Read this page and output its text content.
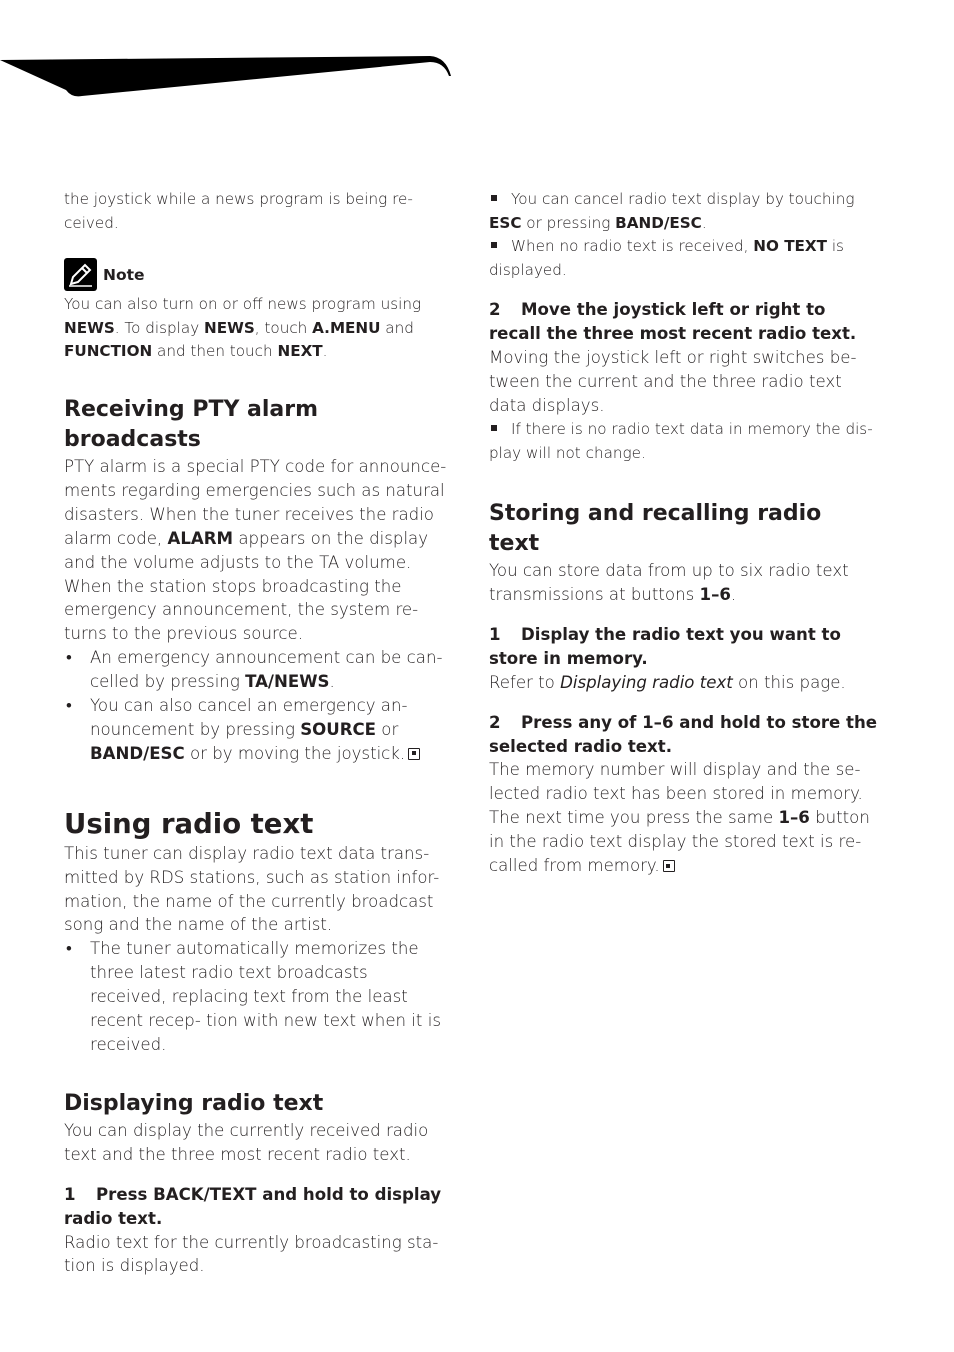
the joystick while a news program is being re- ceived.

Note

You can also turn on or off news program using NEWS. To display NEWS, touch A.MENU and FUNCTION and then touch NEXT.

Receiving PTY alarm broadcasts

PTY alarm is a special PTY code for announce- ments regarding emergencies such as natural disasters. When the tuner receives the radio alarm code, ALARM appears on the display and the volume adjusts to the TA volume. When the station stops broadcasting the emergency announcement, the system re- turns to the previous source.

• An emergency announcement can be can- celled by pressing TA/NEWS.
• You can also cancel an emergency an- nouncement by pressing SOURCE or BAND/ESC or by moving the joystick.
Using radio text

This tuner can display radio text data trans- mitted by RDS stations, such as station infor- mation, the name of the currently broadcast song and the name of the artist.

• The tuner automatically memorizes the three latest radio text broadcasts received, replacing text from the least recent recep- tion with new text when it is received.
Displaying radio text

You can display the currently received radio text and the three most recent radio text.

1 Press BACK/TEXT and hold to display radio text.

Radio text for the currently broadcasting sta- tion is displayed.

You can cancel radio text display by touching ESC or pressing BAND/ESC.

When no radio text is received, NO TEXT is displayed.

2 Move the joystick left or right to recall the three most recent radio text.

Moving the joystick left or right switches be- tween the current and the three radio text data displays.

If there is no radio text data in memory the dis- play will not change.

Storing and recalling radio text

You can store data from up to six radio text transmissions at buttons 1–6.

1 Display the radio text you want to store in memory.

Refer to Displaying radio text on this page.

2 Press any of 1–6 and hold to store the selected radio text.

The memory number will display and the se- lected radio text has been stored in memory. The next time you press the same 1–6 button in the radio text display the stored text is re- called from memory.
